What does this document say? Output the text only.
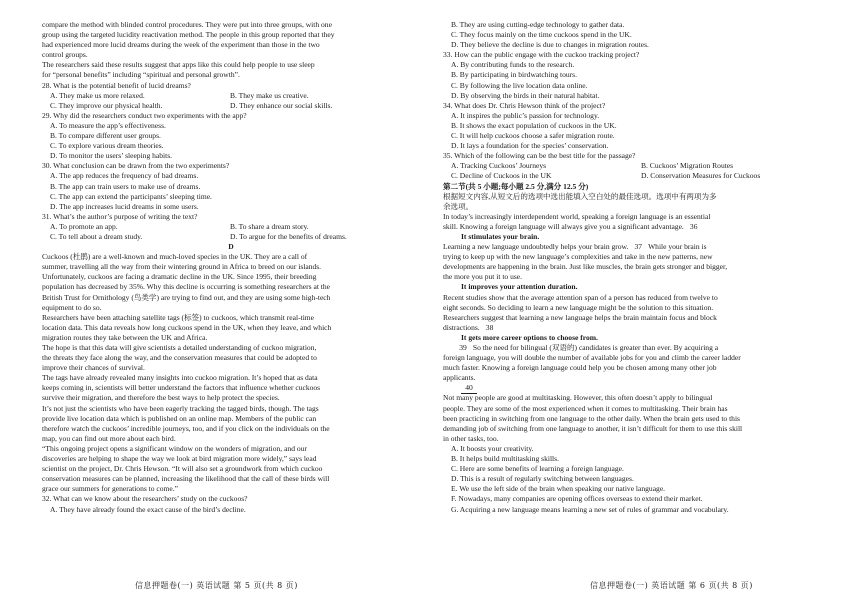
compare the method with blinded control procedures. They were put into three groups, with one
group using the targeted lucidity reactivation method. The people in this group reported that they
had experienced more lucid dreams during the week of the experiment than those in the two
control groups.
The researchers said these results suggest that apps like this could help people to use sleep
for “personal benefits” including “spiritual and personal growth”.
28. What is the potential benefit of lucid dreams?
A. They make us more relaxed.	B. They make us creative.
C. They improve our physical health.	D. They enhance our social skills.
29. Why did the researchers conduct two experiments with the app?
A. To measure the app’s effectiveness.
B. To compare different user groups.
C. To explore various dream theories.
D. To monitor the users’ sleeping habits.
30. What conclusion can be drawn from the two experiments?
A. The app reduces the frequency of bad dreams.
B. The app can train users to make use of dreams.
C. The app can extend the participants’ sleeping time.
D. The app increases lucid dreams in some users.
31. What’s the author’s purpose of writing the text?
A. To promote an app.	B. To share a dream story.
C. To tell about a dream study.	D. To argue for the benefits of dreams.
D
Cuckoos (杜鹃) are a well-known and much-loved species in the UK. They are a call of
summer, travelling all the way from their wintering ground in Africa to breed on our islands.
Unfortunately, cuckoos are facing a dramatic decline in the UK. Since 1995, their breeding
population has decreased by 35%. Why this decline is occurring is something researchers at the
British Trust for Ornithology (鸟类学) are trying to find out, and they are using some high-tech
equipment to do so.
Researchers have been attaching satellite tags (标签) to cuckoos, which transmit real-time
location data. This data reveals how long cuckoos spend in the UK, when they leave, and which
migration routes they take between the UK and Africa.
The hope is that this data will give scientists a detailed understanding of cuckoo migration,
the threats they face along the way, and the conservation measures that could be adopted to
improve their chances of survival.
The tags have already revealed many insights into cuckoo migration. It’s hoped that as data
keeps coming in, scientists will better understand the factors that influence whether cuckoos
survive their migration, and therefore the best ways to help protect the species.
It’s not just the scientists who have been eagerly tracking the tagged birds, though. The tags
provide live location data which is published on an online map. Members of the public can
therefore watch the cuckoos’ incredible journeys, too, and if you click on the individuals on the
map, you can find out more about each bird.
“This ongoing project opens a significant window on the wonders of migration, and our
discoveries are helping to shape the way we look at bird migration more widely,” says lead
scientist on the project, Dr. Chris Hewson. “It will also set a groundwork from which cuckoo
conservation measures can be planned, increasing the likelihood that the call of these birds will
grace our summers for generations to come.”
32. What can we know about the researchers’ study on the cuckoos?
A. They have already found the exact cause of the bird’s decline.
B. They are using cutting-edge technology to gather data.
C. They focus mainly on the time cuckoos spend in the UK.
D. They believe the decline is due to changes in migration routes.
33. How can the public engage with the cuckoo tracking project?
A. By contributing funds to the research.
B. By participating in birdwatching tours.
C. By following the live location data online.
D. By observing the birds in their natural habitat.
34. What does Dr. Chris Hewson think of the project?
A. It inspires the public’s passion for technology.
B. It shows the exact population of cuckoos in the UK.
C. It will help cuckoos choose a safer migration route.
D. It lays a foundation for the species’ conservation.
35. Which of the following can be the best title for the passage?
A. Tracking Cuckoos’ Journeys	B. Cuckoos’ Migration Routes
C. Decline of Cuckoos in the UK	D. Conservation Measures for Cuckoos
第二节(共 5 小题;每小题 2.5 分,满分 12.5 分)
根据短文内容,从短文后的选项中选出能填入空白处的最佳选项。选项中有两项为多
余选项。
In today’s increasingly interdependent world, speaking a foreign language is an essential
skill. Knowing a foreign language will always give you a significant advantage. 36
It stimulates your brain.
Learning a new language undoubtedly helps your brain grow. 37 While your brain is
trying to keep up with the new language’s complexities and take in the new patterns, new
developments are happening in the brain. Just like muscles, the brain gets stronger and bigger,
the more you put it to use.
It improves your attention duration.
Recent studies show that the average attention span of a person has reduced from twelve to
eight seconds. So deciding to learn a new language might be the solution to this situation.
Researchers suggest that learning a new language helps the brain maintain focus and block
distractions. 38
It gets more career options to choose from.
39 So the need for bilingual (双语的) candidates is greater than ever. By acquiring a
foreign language, you will double the number of available jobs for you and climb the career ladder
much faster. Knowing a foreign language could help you be chosen among many other job
applicants.
40
Not many people are good at multitasking. However, this often doesn’t apply to bilingual
people. They are some of the most experienced when it comes to multitasking. Their brain has
been practicing in switching from one language to the other daily. When the brain gets used to this
demanding job of switching from one language to another, it isn’t difficult for them to use this skill
in other tasks, too.
A. It boosts your creativity.
B. It helps build multitasking skills.
C. Here are some benefits of learning a foreign language.
D. This is a result of regularly switching between languages.
E. We use the left side of the brain when speaking our native language.
F. Nowadays, many companies are opening offices overseas to extend their market.
G. Acquiring a new language means learning a new set of rules of grammar and vocabulary.
信息押题卷(一) 英语试题 第 5 页(共 8 页)	信息押题卷(一) 英语试题 第 6 页(共 8 页)
